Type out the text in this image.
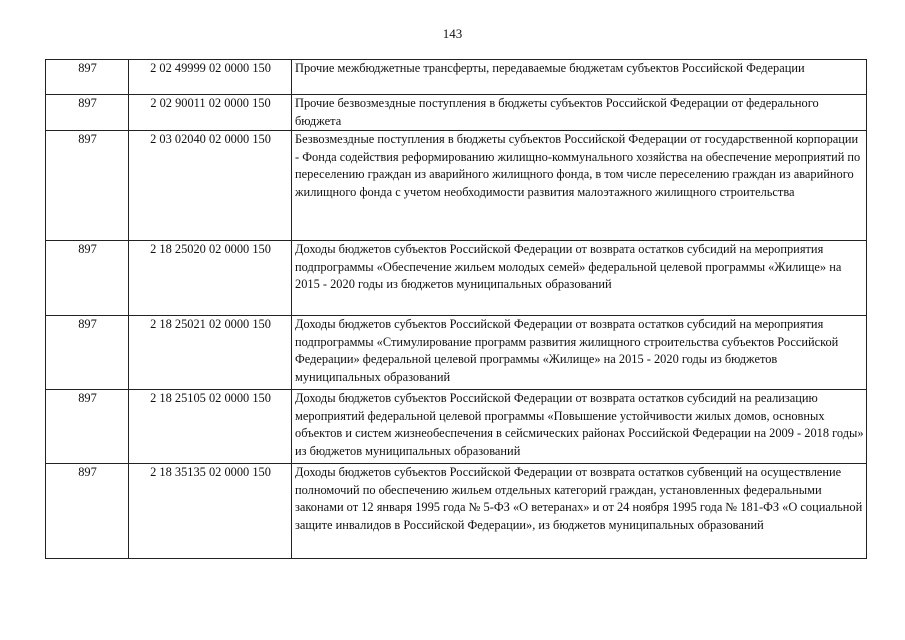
143
897	2 02 49999 02 0000 150	Прочие межбюджетные трансферты, передаваемые бюджетам субъектов Российской Федерации
897	2 02 90011 02 0000 150	Прочие безвозмездные поступления в бюджеты субъектов Российской Федерации от федерального бюджета
897	2 03 02040 02 0000 150	Безвозмездные поступления в бюджеты субъектов Российской Федерации от государственной корпорации - Фонда содействия реформированию жилищно-коммунального хозяйства на обеспечение мероприятий по переселению граждан из аварийного жилищного фонда, в том числе переселению граждан из аварийного жилищного фонда с учетом необходимости развития малоэтажного жилищного строительства
897	2 18 25020 02 0000 150	Доходы бюджетов субъектов Российской Федерации от возврата остатков субсидий на мероприятия подпрограммы «Обеспечение жильем молодых семей» федеральной целевой программы «Жилище» на 2015 - 2020 годы из бюджетов муниципальных образований
897	2 18 25021 02 0000 150	Доходы бюджетов субъектов Российской Федерации от возврата остатков субсидий на мероприятия подпрограммы «Стимулирование программ развития жилищного строительства субъектов Российской Федерации» федеральной целевой программы «Жилище» на 2015 - 2020 годы из бюджетов муниципальных образований
897	2 18 25105 02 0000 150	Доходы бюджетов субъектов Российской Федерации от возврата остатков субсидий на реализацию мероприятий федеральной целевой программы «Повышение устойчивости жилых домов, основных объектов и систем жизнеобеспечения в сейсмических районах Российской Федерации на 2009 - 2018 годы» из бюджетов муниципальных образований
897	2 18 35135 02 0000 150	Доходы бюджетов субъектов Российской Федерации от возврата остатков субвенций на осуществление полномочий по обеспечению жильем отдельных категорий граждан, установленных федеральными законами от 12 января 1995 года № 5-ФЗ «О ветеранах» и от 24 ноября 1995 года № 181-ФЗ «О социальной защите инвалидов в Российской Федерации», из бюджетов муниципальных образований
